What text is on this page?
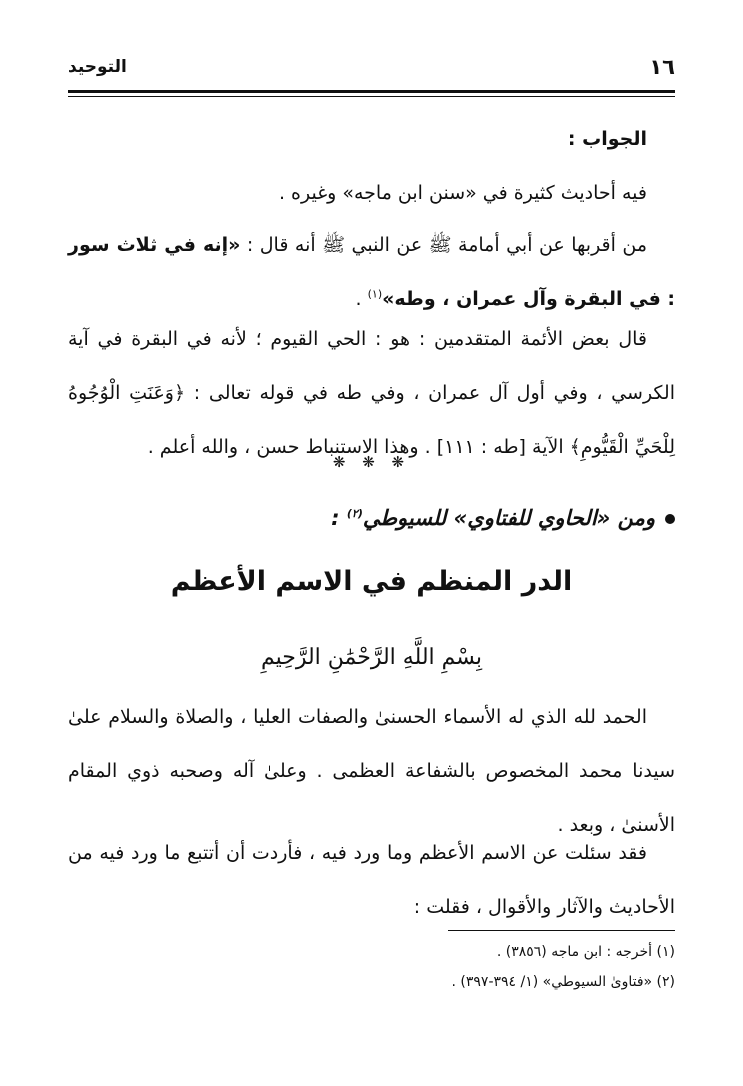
١٦
التوحيد
الجواب :
فيه أحاديث كثيرة في «سنن ابن ماجه» وغيره .
من أقربها عن أبي أمامة ﷺ عن النبي ﷺ أنه قال : «إنه في ثلاث سور : في البقرة وآل عمران ، وطه»$^{(١)}$ .
قال بعض الأئمة المتقدمين : هو : الحي القيوم ؛ لأنه في البقرة في آية الكرسي ، وفي أول آل عمران ، وفي طه في قوله تعالى : ﴿وَعَنَتِ الْوُجُوهُ لِلْحَيِّ الْقَيُّومِ﴾ الآية [طه : ١١١] . وهذا الاستنباط حسن ، والله أعلم .
❋ ❋ ❋
ومن «الحاوي للفتاوي» للسيوطي$^{(٢)}$ :
الدر المنظم في الاسم الأعظم
بِسْمِ اللَّهِ الرَّحْمَٰنِ الرَّحِيمِ
الحمد لله الذي له الأسماء الحسنىٰ والصفات العليا ، والصلاة والسلام علىٰ سيدنا محمد المخصوص بالشفاعة العظمى . وعلىٰ آله وصحبه ذوي المقام الأسنىٰ ، وبعد .
فقد سئلت عن الاسم الأعظم وما ورد فيه ، فأردت أن أتتبع ما ورد فيه من الأحاديث والآثار والأقوال ، فقلت :
(١) أخرجه : ابن ماجه (٣٨٥٦) .
(٢) «فتاوىٰ السيوطي» (١/ ٣٩٤-٣٩٧) .
